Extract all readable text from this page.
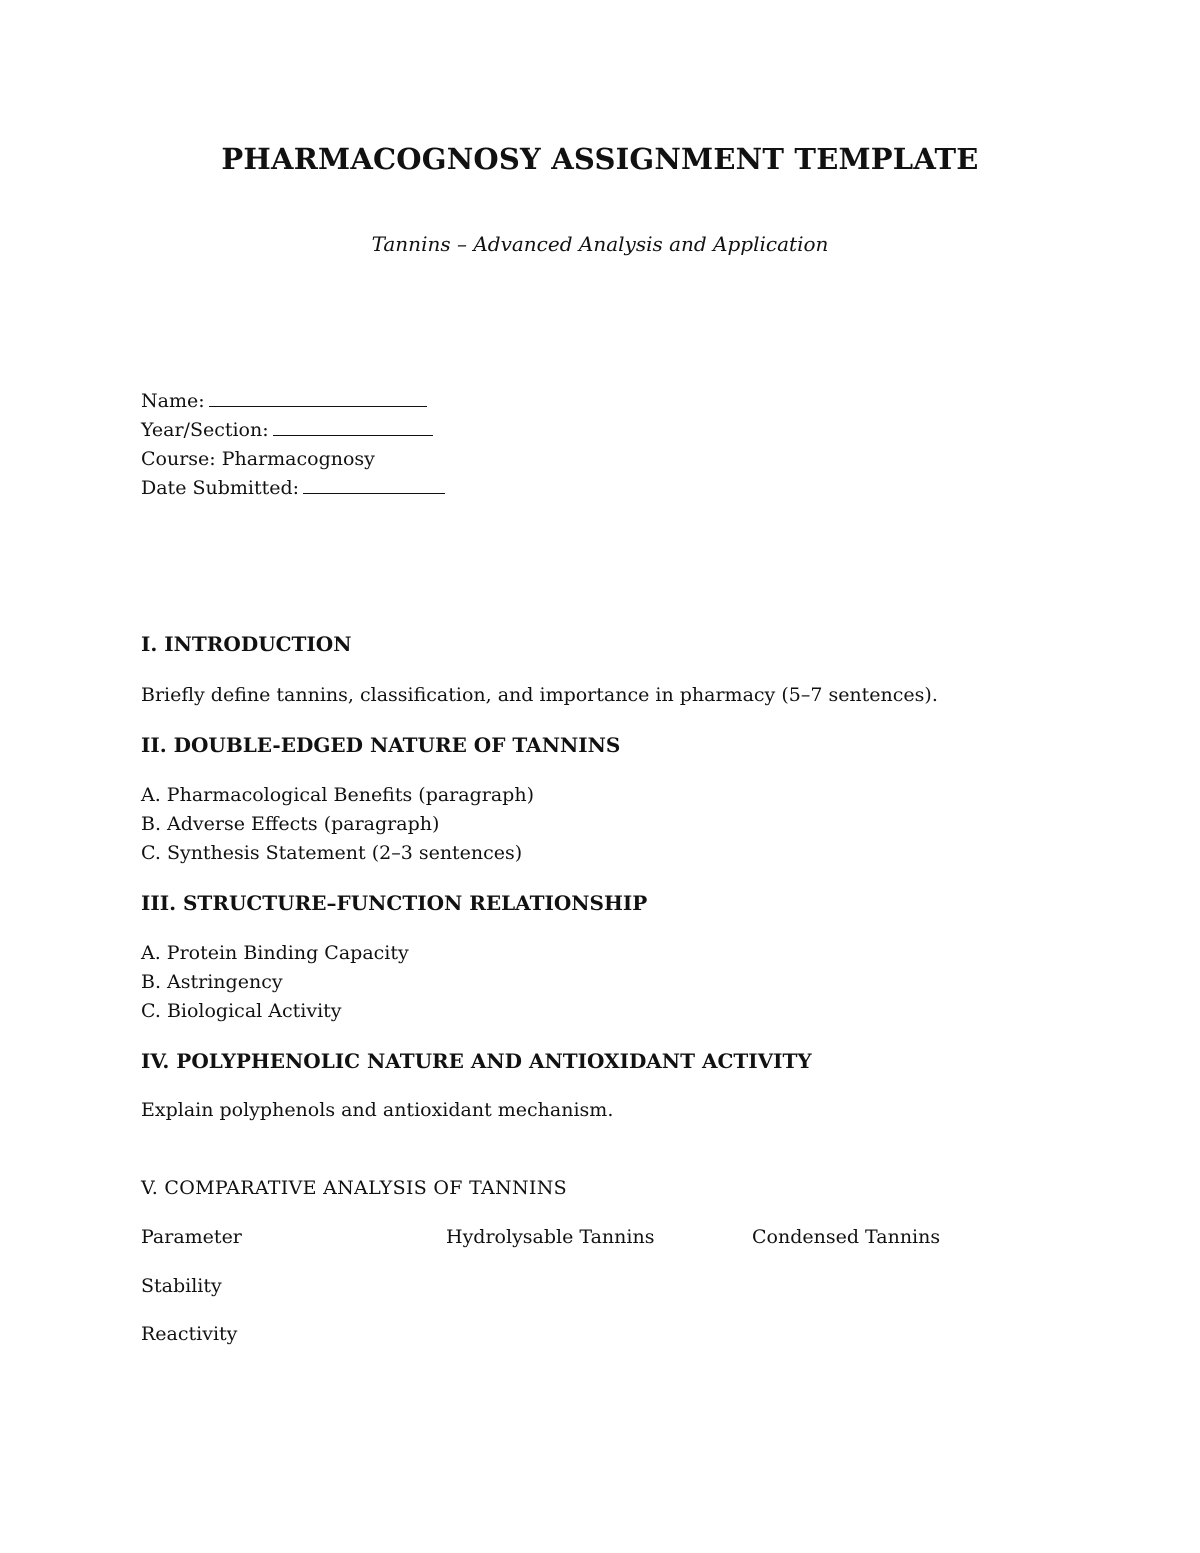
PHARMACOGNOSY ASSIGNMENT TEMPLATE

Tannins – Advanced Analysis and Application

Name:

Year/Section:

Course: Pharmacognosy

Date Submitted:

I. INTRODUCTION

Briefly define tannins, classification, and importance in pharmacy (5–7 sentences).

II. DOUBLE-EDGED NATURE OF TANNINS

A. Pharmacological Benefits (paragraph)

B. Adverse Effects (paragraph)

C. Synthesis Statement (2–3 sentences)

III. STRUCTURE–FUNCTION RELATIONSHIP

A. Protein Binding Capacity

B. Astringency

C. Biological Activity

IV. POLYPHENOLIC NATURE AND ANTIOXIDANT ACTIVITY

Explain polyphenols and antioxidant mechanism.

V. COMPARATIVE ANALYSIS OF TANNINS

Parameter	Hydrolysable Tannins	Condensed Tannins

Stability

Reactivity
